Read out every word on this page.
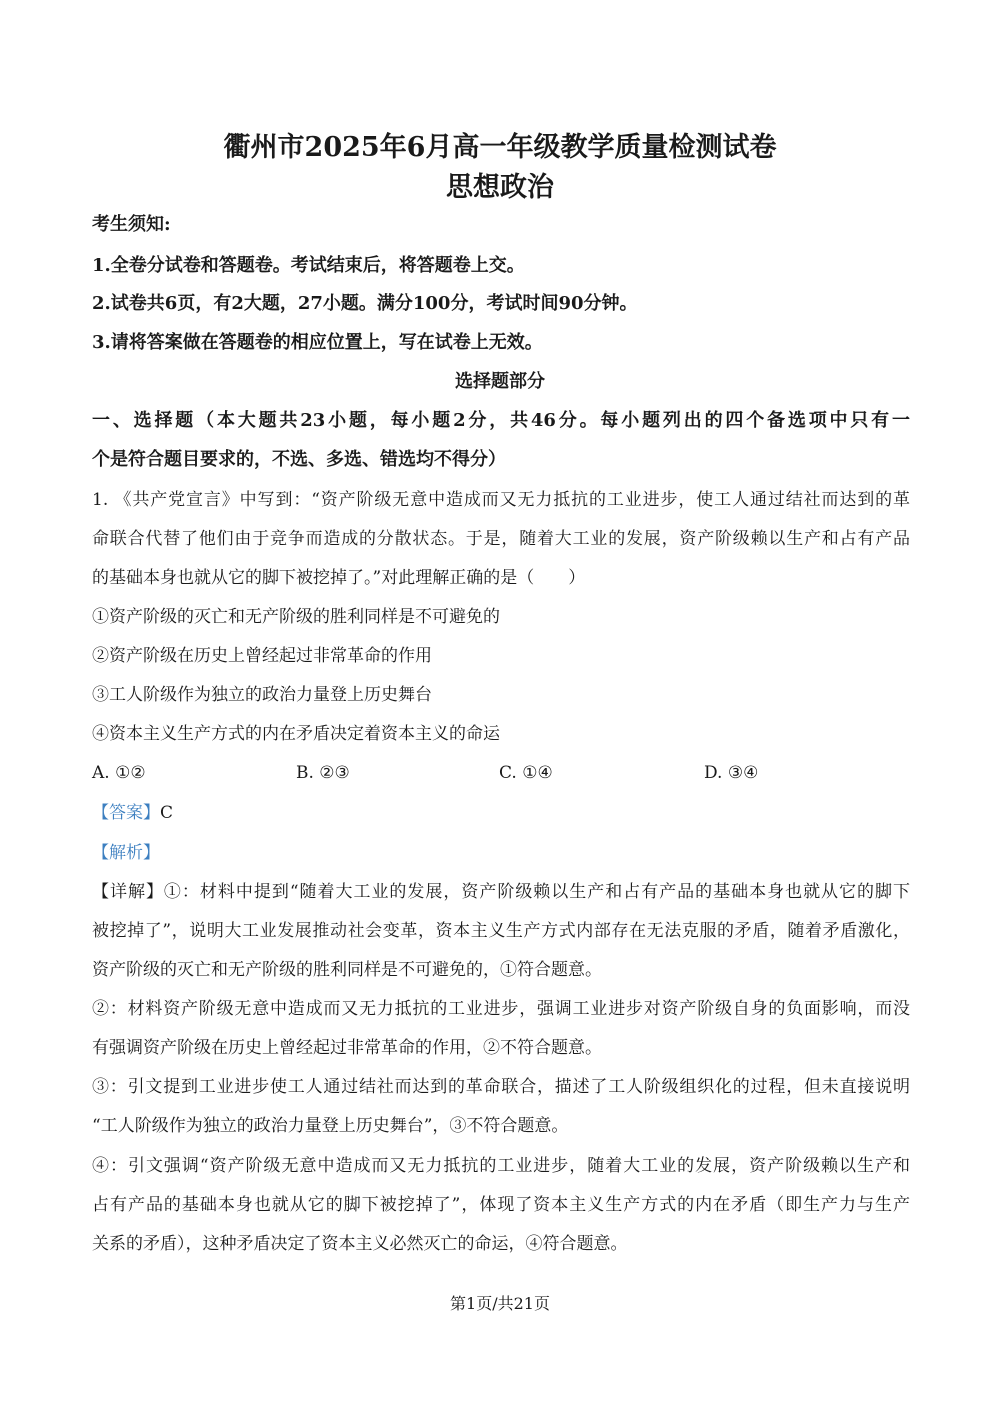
衢州市2025年6月高一年级教学质量检测试卷
思想政治
考生须知:
1.全卷分试卷和答题卷。考试结束后，将答题卷上交。
2.试卷共6页，有2大题，27小题。满分100分，考试时间90分钟。
3.请将答案做在答题卷的相应位置上，写在试卷上无效。
选择题部分
一、选择题（本大题共23小题，每小题2分，共46分。每小题列出的四个备选项中只有一
个是符合题目要求的，不选、多选、错选均不得分）
1. 《共产党宣言》中写到：“资产阶级无意中造成而又无力抵抗的工业进步，使工人通过结社而达到的革
命联合代替了他们由于竞争而造成的分散状态。于是，随着大工业的发展，资产阶级赖以生产和占有产品
的基础本身也就从它的脚下被挖掉了。”对此理解正确的是（　　）
①资产阶级的灭亡和无产阶级的胜利同样是不可避免的
②资产阶级在历史上曾经起过非常革命的作用
③工人阶级作为独立的政治力量登上历史舞台
④资本主义生产方式的内在矛盾决定着资本主义的命运
A. ①②	B. ②③	C. ①④	D. ③④
【答案】C
【解析】
【详解】①：材料中提到“随着大工业的发展，资产阶级赖以生产和占有产品的基础本身也就从它的脚下
被挖掉了”，说明大工业发展推动社会变革，资本主义生产方式内部存在无法克服的矛盾，随着矛盾激化，
资产阶级的灭亡和无产阶级的胜利同样是不可避免的，①符合题意。
②：材料资产阶级无意中造成而又无力抵抗的工业进步，强调工业进步对资产阶级自身的负面影响，而没
有强调资产阶级在历史上曾经起过非常革命的作用，②不符合题意。
③：引文提到工业进步使工人通过结社而达到的革命联合，描述了工人阶级组织化的过程，但未直接说明
“工人阶级作为独立的政治力量登上历史舞台”，③不符合题意。
④：引文强调“资产阶级无意中造成而又无力抵抗的工业进步，随着大工业的发展，资产阶级赖以生产和
占有产品的基础本身也就从它的脚下被挖掉了”，体现了资本主义生产方式的内在矛盾（即生产力与生产
关系的矛盾），这种矛盾决定了资本主义必然灭亡的命运，④符合题意。
第1页/共21页
